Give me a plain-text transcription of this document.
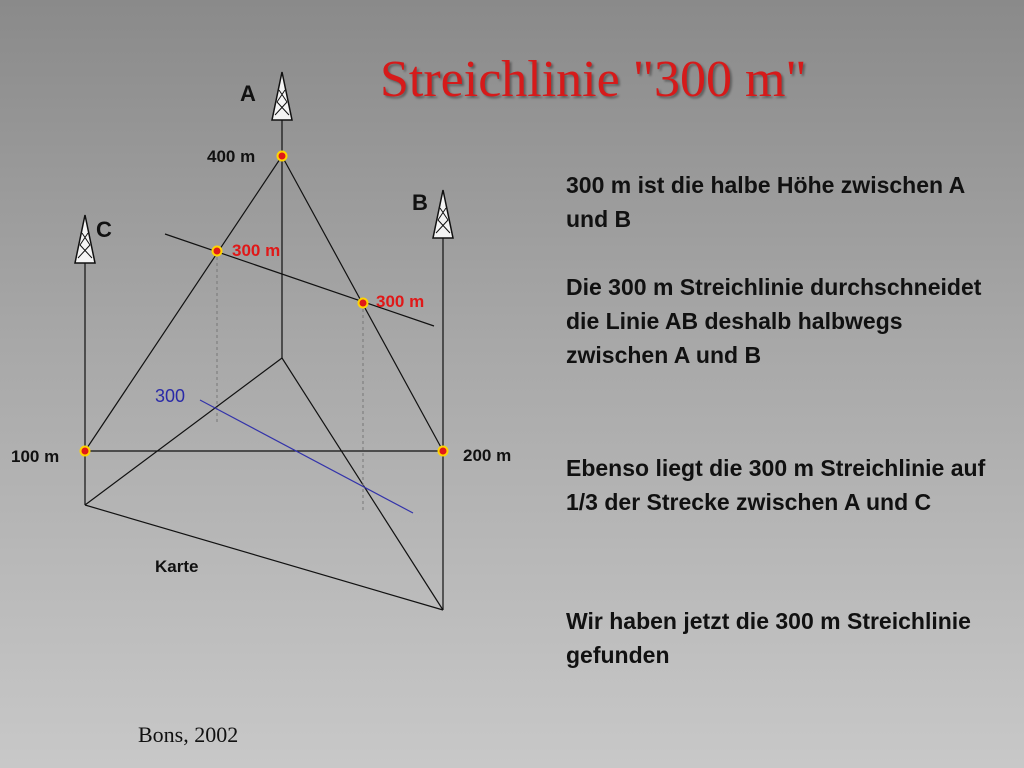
Streichlinie "300 m"
A
B
C
400 m
200 m
100 m
300 m
300 m
300
Karte

300 m ist die halbe Höhe zwischen A und B

Die 300 m Streichlinie durchschneidet die Linie AB deshalb halbwegs zwischen A und B

Ebenso liegt die 300 m Streichlinie auf 1/3 der Strecke zwischen A und C

Wir haben jetzt die 300 m Streichlinie gefunden

Bons, 2002
